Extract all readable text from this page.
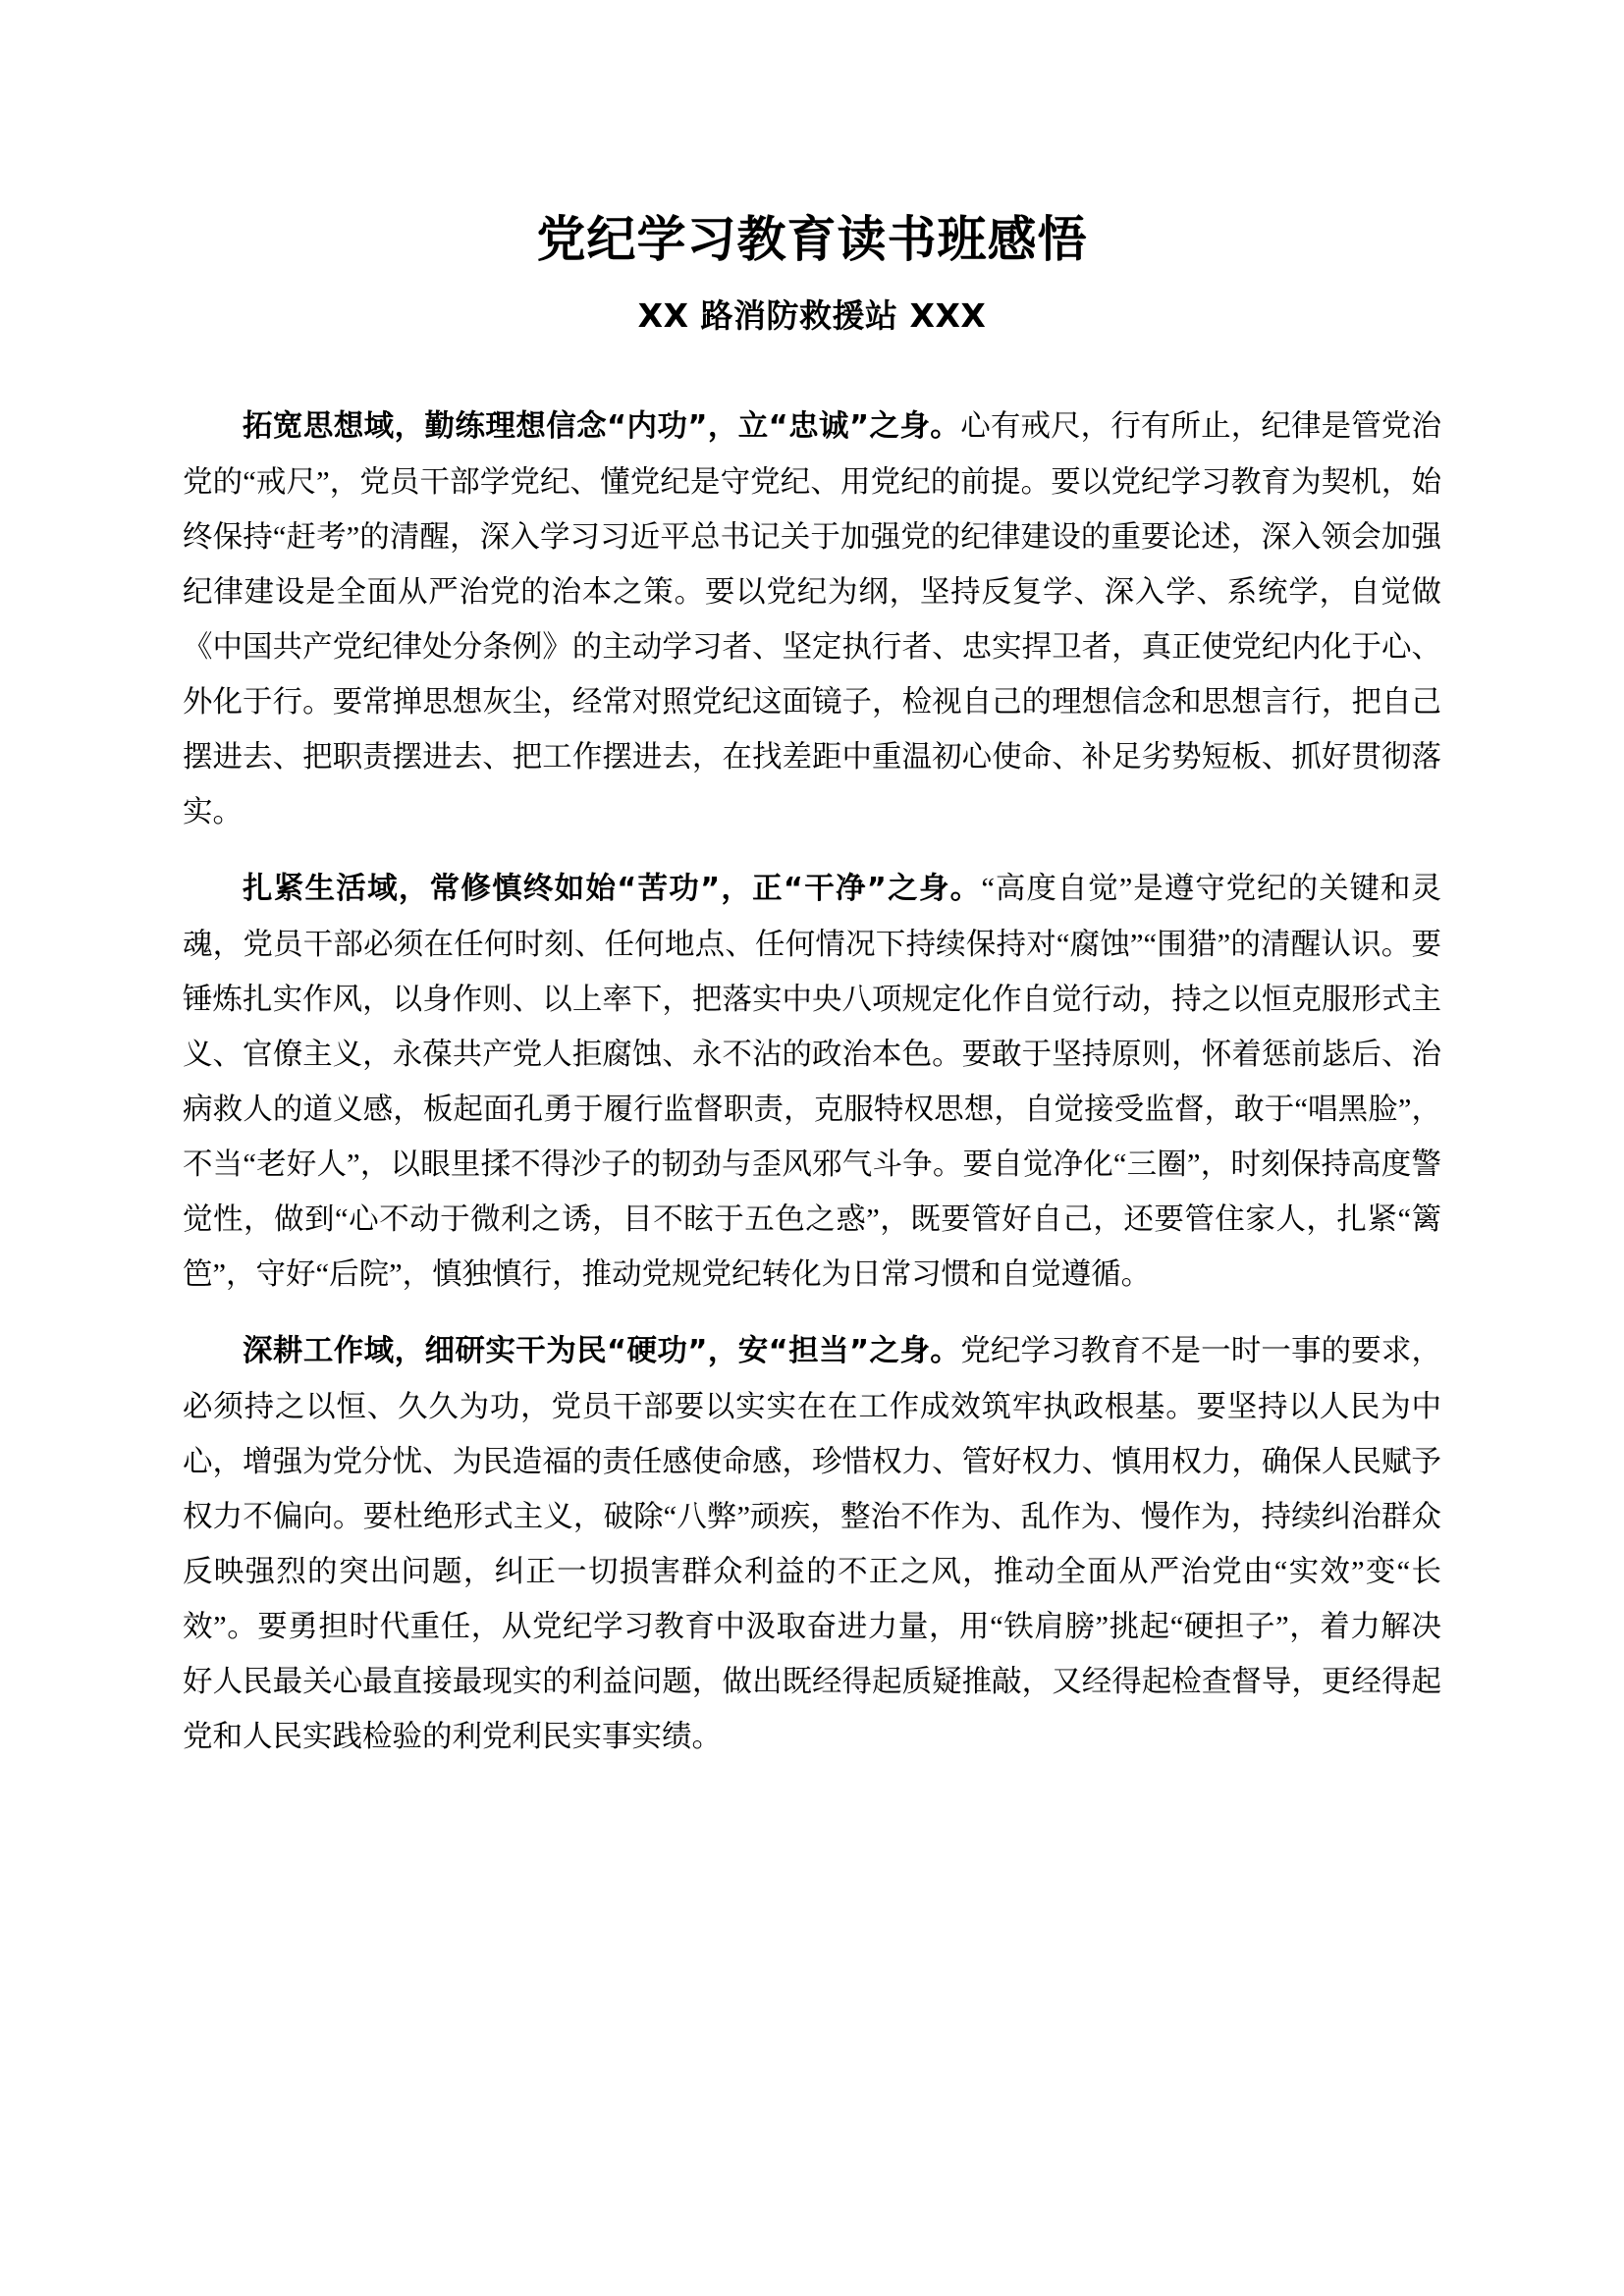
党纪学习教育读书班感悟
XX 路消防救援站 XXX

拓宽思想域，勤练理想信念“内功”，立“忠诚”之身。心有戒尺，行有所止，纪律是管党治党的“戒尺”，党员干部学党纪、懂党纪是守党纪、用党纪的前提。要以党纪学习教育为契机，始终保持“赶考”的清醒，深入学习习近平总书记关于加强党的纪律建设的重要论述，深入领会加强纪律建设是全面从严治党的治本之策。要以党纪为纲，坚持反复学、深入学、系统学，自觉做《中国共产党纪律处分条例》的主动学习者、坚定执行者、忠实捍卫者，真正使党纪内化于心、外化于行。要常掸思想灰尘，经常对照党纪这面镜子，检视自己的理想信念和思想言行，把自己摆进去、把职责摆进去、把工作摆进去，在找差距中重温初心使命、补足劣势短板、抓好贯彻落实。

扎紧生活域，常修慎终如始“苦功”，正“干净”之身。“高度自觉”是遵守党纪的关键和灵魂，党员干部必须在任何时刻、任何地点、任何情况下持续保持对“腐蚀”“围猎”的清醒认识。要锤炼扎实作风，以身作则、以上率下，把落实中央八项规定化作自觉行动，持之以恒克服形式主义、官僚主义，永葆共产党人拒腐蚀、永不沾的政治本色。要敢于坚持原则，怀着惩前毖后、治病救人的道义感，板起面孔勇于履行监督职责，克服特权思想，自觉接受监督，敢于“唱黑脸”，不当“老好人”，以眼里揉不得沙子的韧劲与歪风邪气斗争。要自觉净化“三圈”，时刻保持高度警觉性，做到“心不动于微利之诱，目不眩于五色之惑”，既要管好自己，还要管住家人，扎紧“篱笆”，守好“后院”，慎独慎行，推动党规党纪转化为日常习惯和自觉遵循。

深耕工作域，细研实干为民“硬功”，安“担当”之身。党纪学习教育不是一时一事的要求，必须持之以恒、久久为功，党员干部要以实实在在工作成效筑牢执政根基。要坚持以人民为中心，增强为党分忧、为民造福的责任感使命感，珍惜权力、管好权力、慎用权力，确保人民赋予权力不偏向。要杜绝形式主义，破除“八弊”顽疾，整治不作为、乱作为、慢作为，持续纠治群众反映强烈的突出问题，纠正一切损害群众利益的不正之风，推动全面从严治党由“实效”变“长效”。要勇担时代重任，从党纪学习教育中汲取奋进力量，用“铁肩膀”挑起“硬担子”，着力解决好人民最关心最直接最现实的利益问题，做出既经得起质疑推敲，又经得起检查督导，更经得起党和人民实践检验的利党利民实事实绩。
